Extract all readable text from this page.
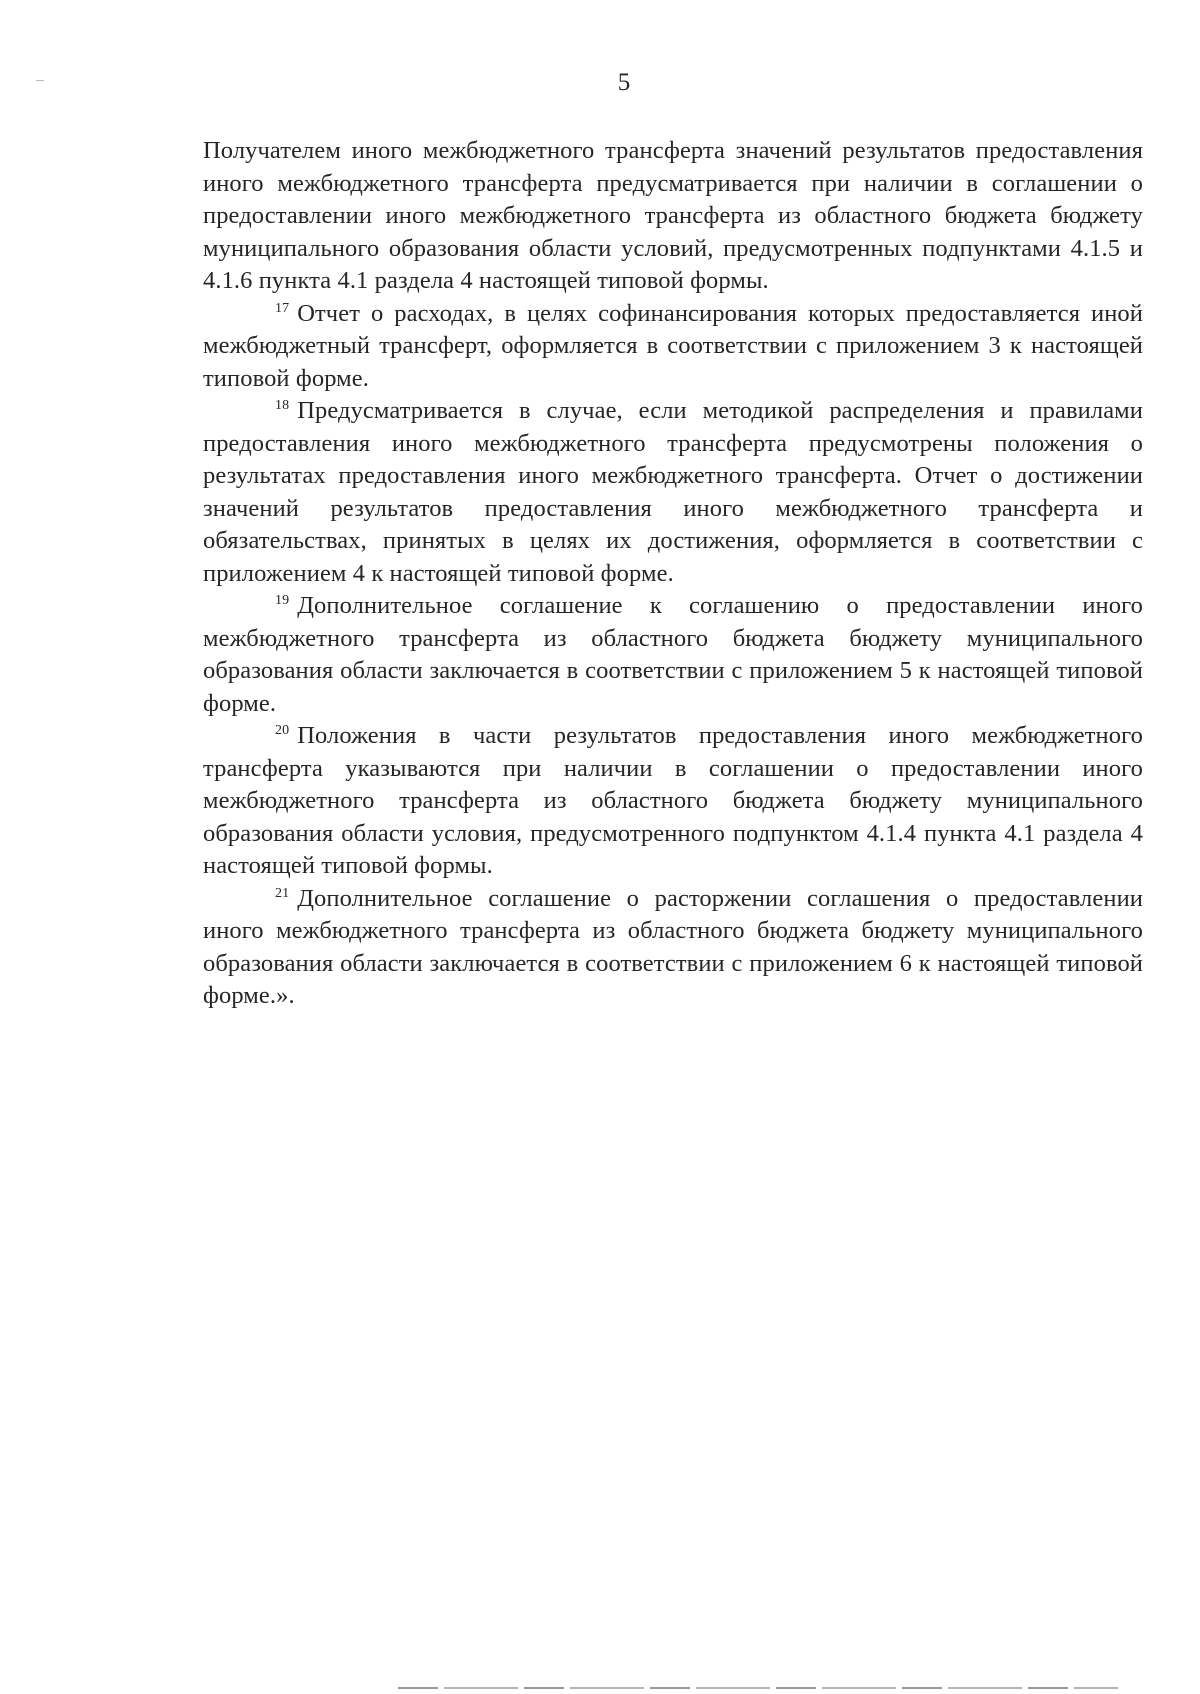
5

Получателем иного межбюджетного трансферта значений результатов предоставления иного межбюджетного трансферта предусматривается при наличии в соглашении о предоставлении иного межбюджетного трансферта из областного бюджета бюджету муниципального образования области условий, предусмотренных подпунктами 4.1.5 и 4.1.6 пункта 4.1 раздела 4 настоящей типовой формы.

$^{17}$ Отчет о расходах, в целях софинансирования которых предоставляется иной межбюджетный трансферт, оформляется в соответствии с приложением 3 к настоящей типовой форме.

$^{18}$ Предусматривается в случае, если методикой распределения и правилами предоставления иного межбюджетного трансферта предусмотрены положения о результатах предоставления иного межбюджетного трансферта. Отчет о достижении значений результатов предоставления иного межбюджетного трансферта и обязательствах, принятых в целях их достижения, оформляется в соответствии с приложением 4 к настоящей типовой форме.

$^{19}$ Дополнительное соглашение к соглашению о предоставлении иного межбюджетного трансферта из областного бюджета бюджету муниципального образования области заключается в соответствии с приложением 5 к настоящей типовой форме.

$^{20}$ Положения в части результатов предоставления иного межбюджетного трансферта указываются при наличии в соглашении о предоставлении иного межбюджетного трансферта из областного бюджета бюджету муниципального образования области условия, предусмотренного подпунктом 4.1.4 пункта 4.1 раздела 4 настоящей типовой формы.

$^{21}$ Дополнительное соглашение о расторжении соглашения о предоставлении иного межбюджетного трансферта из областного бюджета бюджету муниципального образования области заключается в соответствии с приложением 6 к настоящей типовой форме.».
